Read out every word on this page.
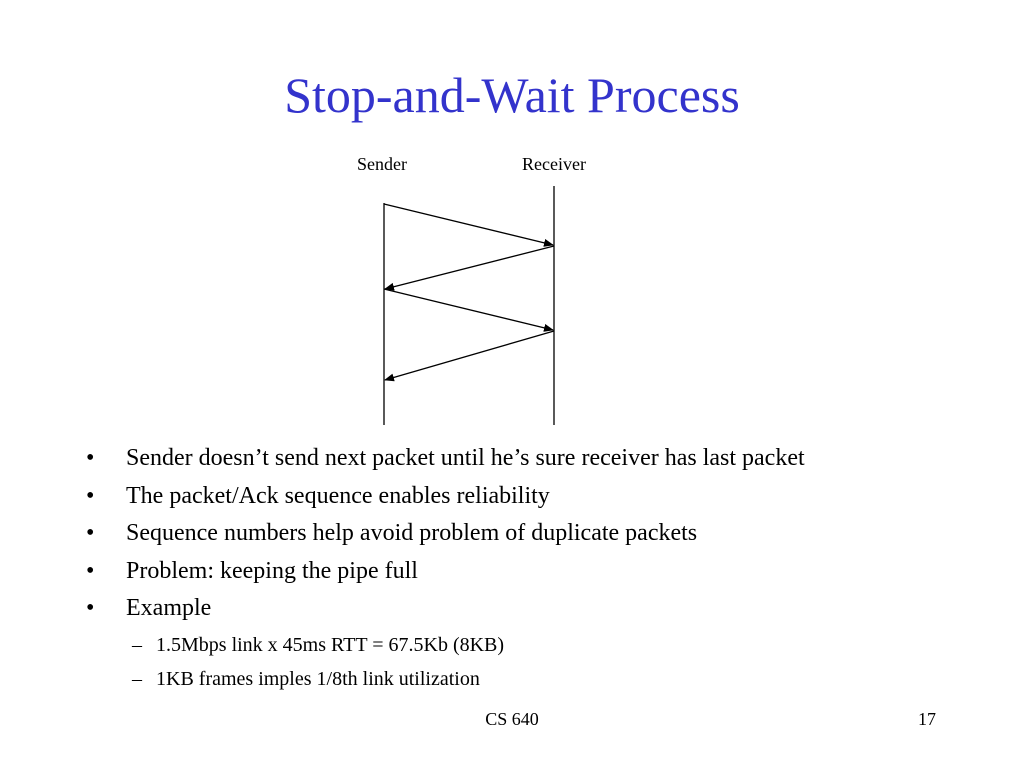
Stop-and-Wait Process
Sender	Receiver
• Sender doesn’t send next packet until he’s sure receiver has last packet
• The packet/Ack sequence enables reliability
• Sequence numbers help avoid problem of duplicate packets
• Problem: keeping the pipe full
• Example
– 1.5Mbps link x 45ms RTT = 67.5Kb (8KB)
– 1KB frames imples 1/8th link utilization
CS 640	17
